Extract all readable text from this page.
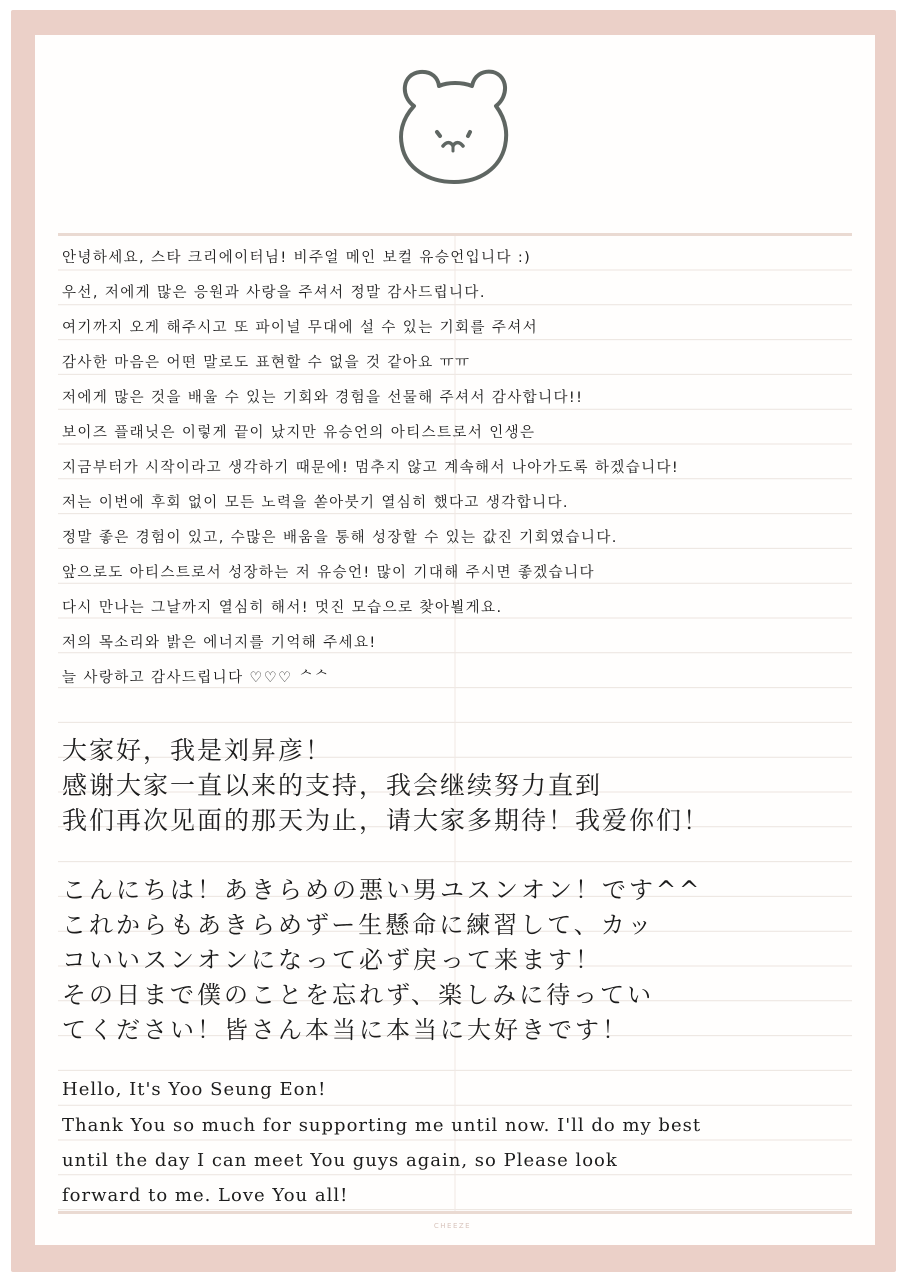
CHEEZE
안녕하세요, 스타 크리에이터님! 비주얼 메인 보컬 유승언입니다 :)
우선, 저에게 많은 응원과 사랑을 주셔서 정말 감사드립니다.
여기까지 오게 해주시고 또 파이널 무대에 설 수 있는 기회를 주셔서
감사한 마음은 어떤 말로도 표현할 수 없을 것 같아요 ㅠㅠ
저에게 많은 것을 배울 수 있는 기회와 경험을 선물해 주셔서 감사합니다!!
보이즈 플래닛은 이렇게 끝이 났지만 유승언의 아티스트로서 인생은
지금부터가 시작이라고 생각하기 때문에! 멈추지 않고 계속해서 나아가도록 하겠습니다!
저는 이번에 후회 없이 모든 노력을 쏟아붓기 열심히 했다고 생각합니다.
정말 좋은 경험이 있고, 수많은 배움을 통해 성장할 수 있는 값진 기회였습니다.
앞으로도 아티스트로서 성장하는 저 유승언! 많이 기대해 주시면 좋겠습니다
다시 만나는 그날까지 열심히 해서! 멋진 모습으로 찾아뵐게요.
저의 목소리와 밝은 에너지를 기억해 주세요!
늘 사랑하고 감사드립니다 ♡♡♡ ᄉᄉ
大家好，我是刘昇彦！
感谢大家一直以来的支持，我会继续努力直到
我们再次见面的那天为止，请大家多期待！我爱你们！
こんにちは！あきらめの悪い男ユスンオン！です^^
これからもあきらめずー生懸命に練習して、カッ
コいいスンオンになって必ず戻って来ます！
その日まで僕のことを忘れず、楽しみに待ってい
てください！皆さん本当に本当に大好きです！
Hello, It's Yoo Seung Eon!
Thank You so much for supporting me until now. I'll do my best
until the day I can meet You guys again, so Please look
forward to me. Love You all!
